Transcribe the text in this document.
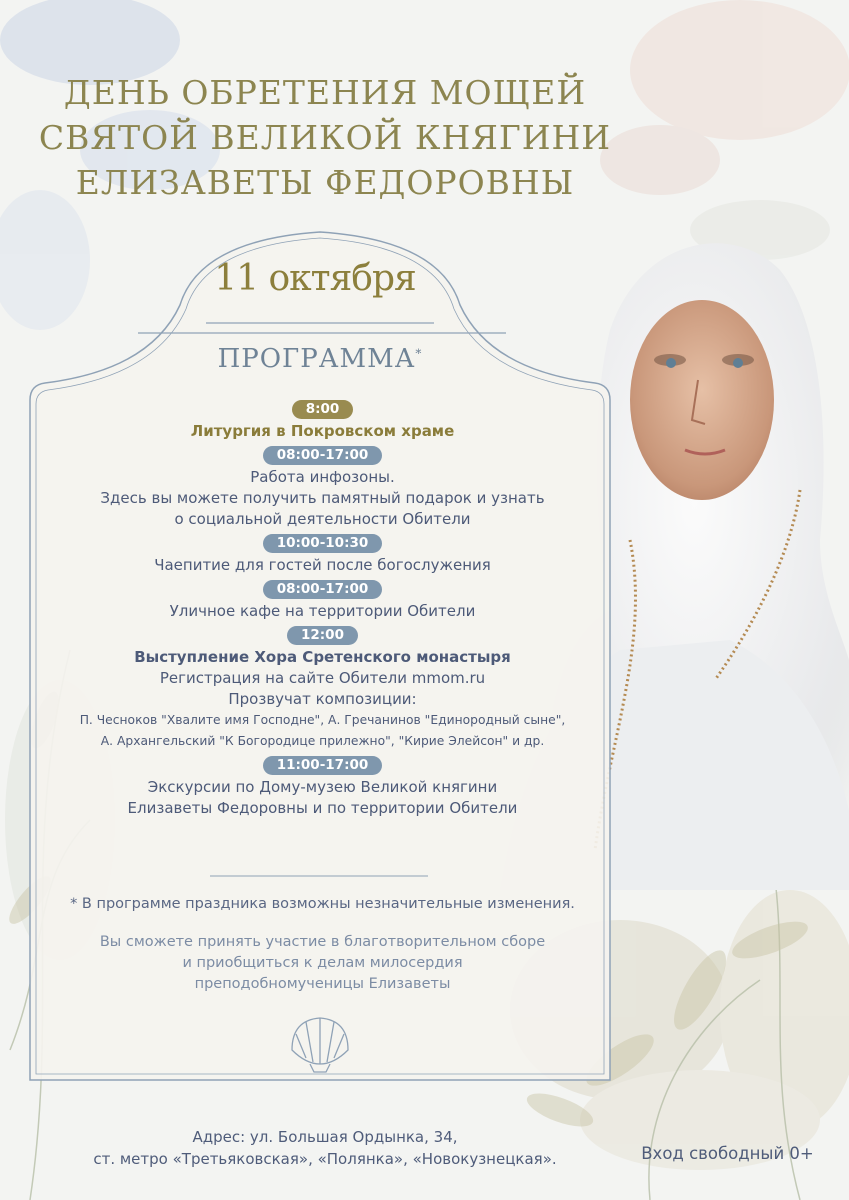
ДЕНЬ ОБРЕТЕНИЯ МОЩЕЙ
СВЯТОЙ ВЕЛИКОЙ КНЯГИНИ
ЕЛИЗАВЕТЫ ФЕДОРОВНЫ
11 октября
ПРОГРАММА*
8:00
Литургия в Покровском храме
08:00-17:00
Работа инфозоны.
Здесь вы можете получить памятный подарок и узнать
о социальной деятельности Обители
10:00-10:30
Чаепитие для гостей после богослужения
08:00-17:00
Уличное кафе на территории Обители
12:00
Выступление Хора Сретенского монастыря
Регистрация на сайте Обители mmom.ru
Прозвучат композиции:
П. Чесноков "Хвалите имя Господне", А. Гречанинов "Единородный сыне",
А. Архангельский "К Богородице прилежно", "Кирие Элейсон" и др.
11:00-17:00
Экскурсии по Дому-музею Великой княгини
Елизаветы Федоровны и по территории Обители
* В программе праздника возможны незначительные изменения.
Вы сможете принять участие в благотворительном сборе
и приобщиться к делам милосердия
преподобномученицы Елизаветы
Адрес: ул. Большая Ордынка, 34,
ст. метро «Третьяковская», «Полянка», «Новокузнецкая».	Вход свободный 0+
